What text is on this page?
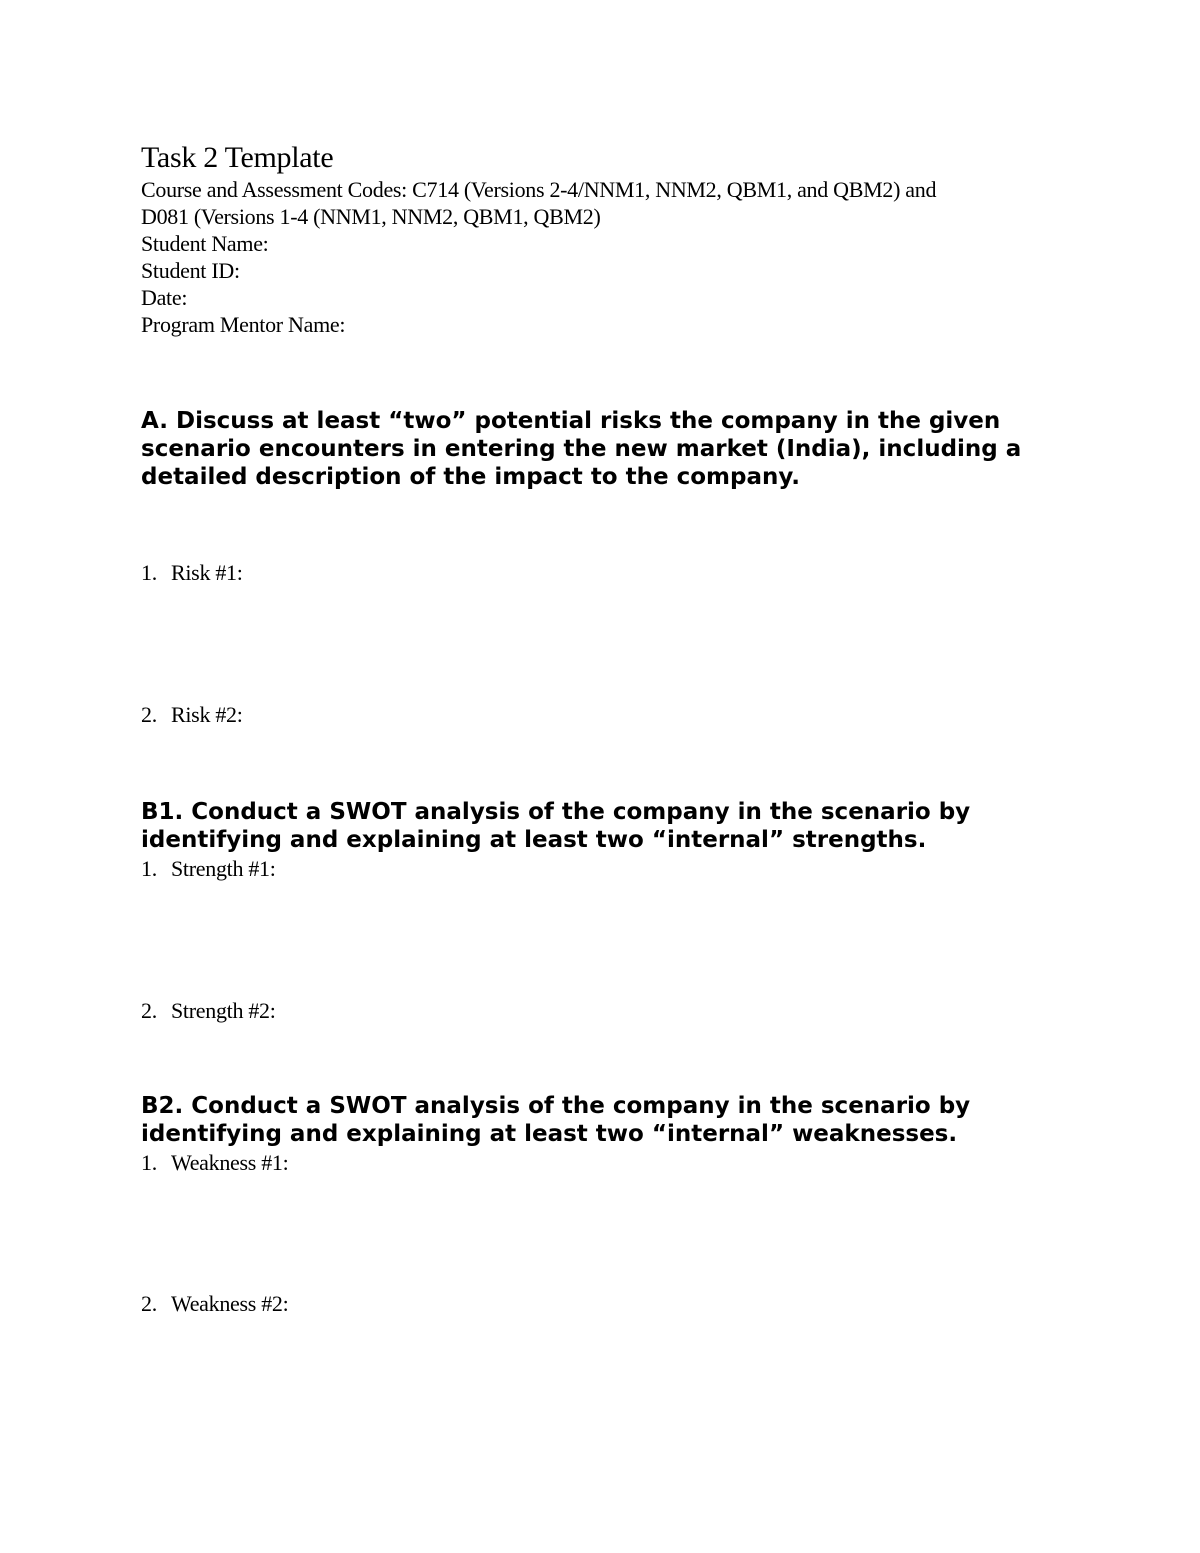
Task 2 Template
Course and Assessment Codes: C714 (Versions 2-4/NNM1, NNM2, QBM1, and QBM2) and
D081 (Versions 1-4 (NNM1, NNM2, QBM1, QBM2)
Student Name:
Student ID:
Date:
Program Mentor Name:
A. Discuss at least “two” potential risks the company in the given
scenario encounters in entering the new market (India), including a
detailed description of the impact to the company.
1. Risk #1:
2. Risk #2:
B1. Conduct a SWOT analysis of the company in the scenario by
identifying and explaining at least two “internal” strengths.
1. Strength #1:
2. Strength #2:
B2. Conduct a SWOT analysis of the company in the scenario by
identifying and explaining at least two “internal” weaknesses.
1. Weakness #1:
2. Weakness #2:
